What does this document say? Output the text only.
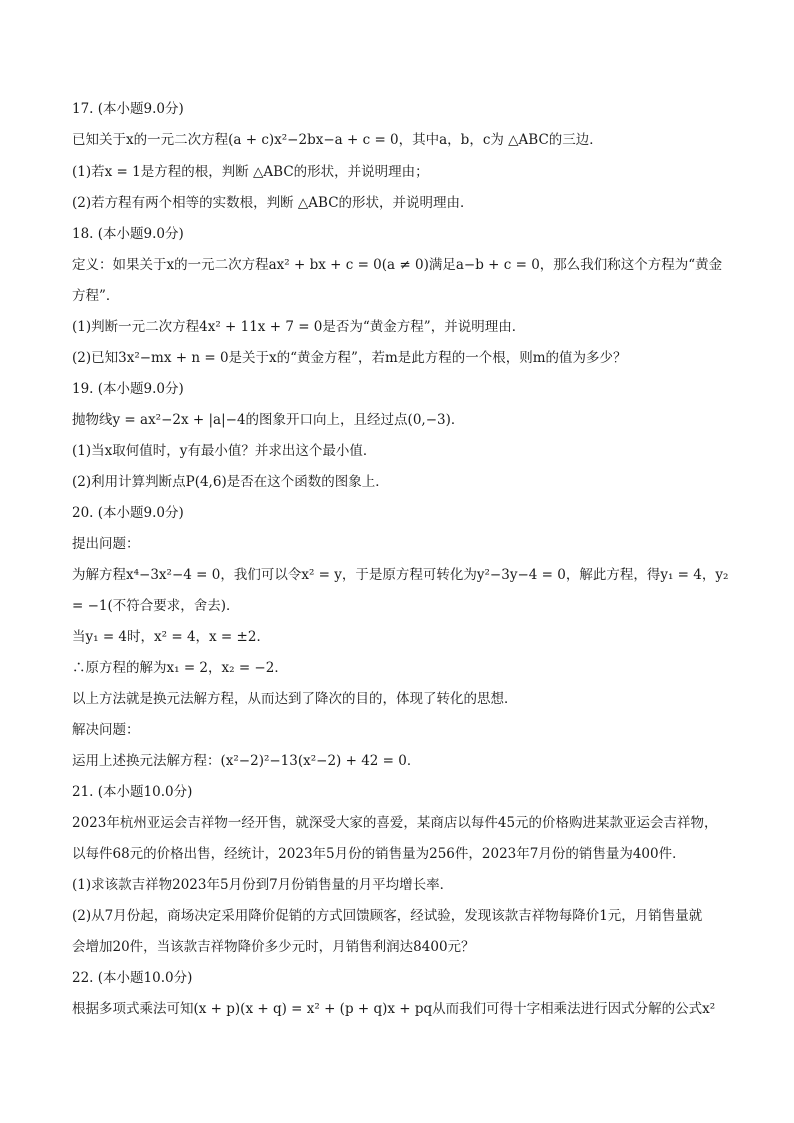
17. (本小题9.0分)

已知关于x的一元二次方程(a + c)x²−2bx−a + c = 0，其中a，b，c为 △ABC的三边．

(1)若x = 1是方程的根，判断 △ABC的形状，并说明理由；

(2)若方程有两个相等的实数根，判断 △ABC的形状，并说明理由．

18. (本小题9.0分)

定义：如果关于x的一元二次方程ax² + bx + c = 0(a ≠ 0)满足a−b + c = 0，那么我们称这个方程为“黄金

方程”．

(1)判断一元二次方程4x² + 11x + 7 = 0是否为“黄金方程”，并说明理由．

(2)已知3x²−mx + n = 0是关于x的“黄金方程”，若m是此方程的一个根，则m的值为多少？

19. (本小题9.0分)

抛物线y = ax²−2x + |a|−4的图象开口向上，且经过点(0,−3)．

(1)当x取何值时，y有最小值？并求出这个最小值．

(2)利用计算判断点P(4,6)是否在这个函数的图象上．

20. (本小题9.0分)

提出问题：

为解方程x⁴−3x²−4 = 0，我们可以令x² = y，于是原方程可转化为y²−3y−4 = 0，解此方程，得y₁ = 4，y₂

= −1(不符合要求，舍去)．

当y₁ = 4时，x² = 4，x = ±2．

∴原方程的解为x₁ = 2，x₂ = −2．

以上方法就是换元法解方程，从而达到了降次的目的，体现了转化的思想．

解决问题：

运用上述换元法解方程：(x²−2)²−13(x²−2) + 42 = 0．

21. (本小题10.0分)

2023年杭州亚运会吉祥物一经开售，就深受大家的喜爱，某商店以每件45元的价格购进某款亚运会吉祥物，

以每件68元的价格出售，经统计，2023年5月份的销售量为256件，2023年7月份的销售量为400件．

(1)求该款吉祥物2023年5月份到7月份销售量的月平均增长率．

(2)从7月份起，商场决定采用降价促销的方式回馈顾客，经试验，发现该款吉祥物每降价1元，月销售量就

会增加20件，当该款吉祥物降价多少元时，月销售利润达8400元？

22. (本小题10.0分)

根据多项式乘法可知(x + p)(x + q) = x² + (p + q)x + pq从而我们可得十字相乘法进行因式分解的公式x²
